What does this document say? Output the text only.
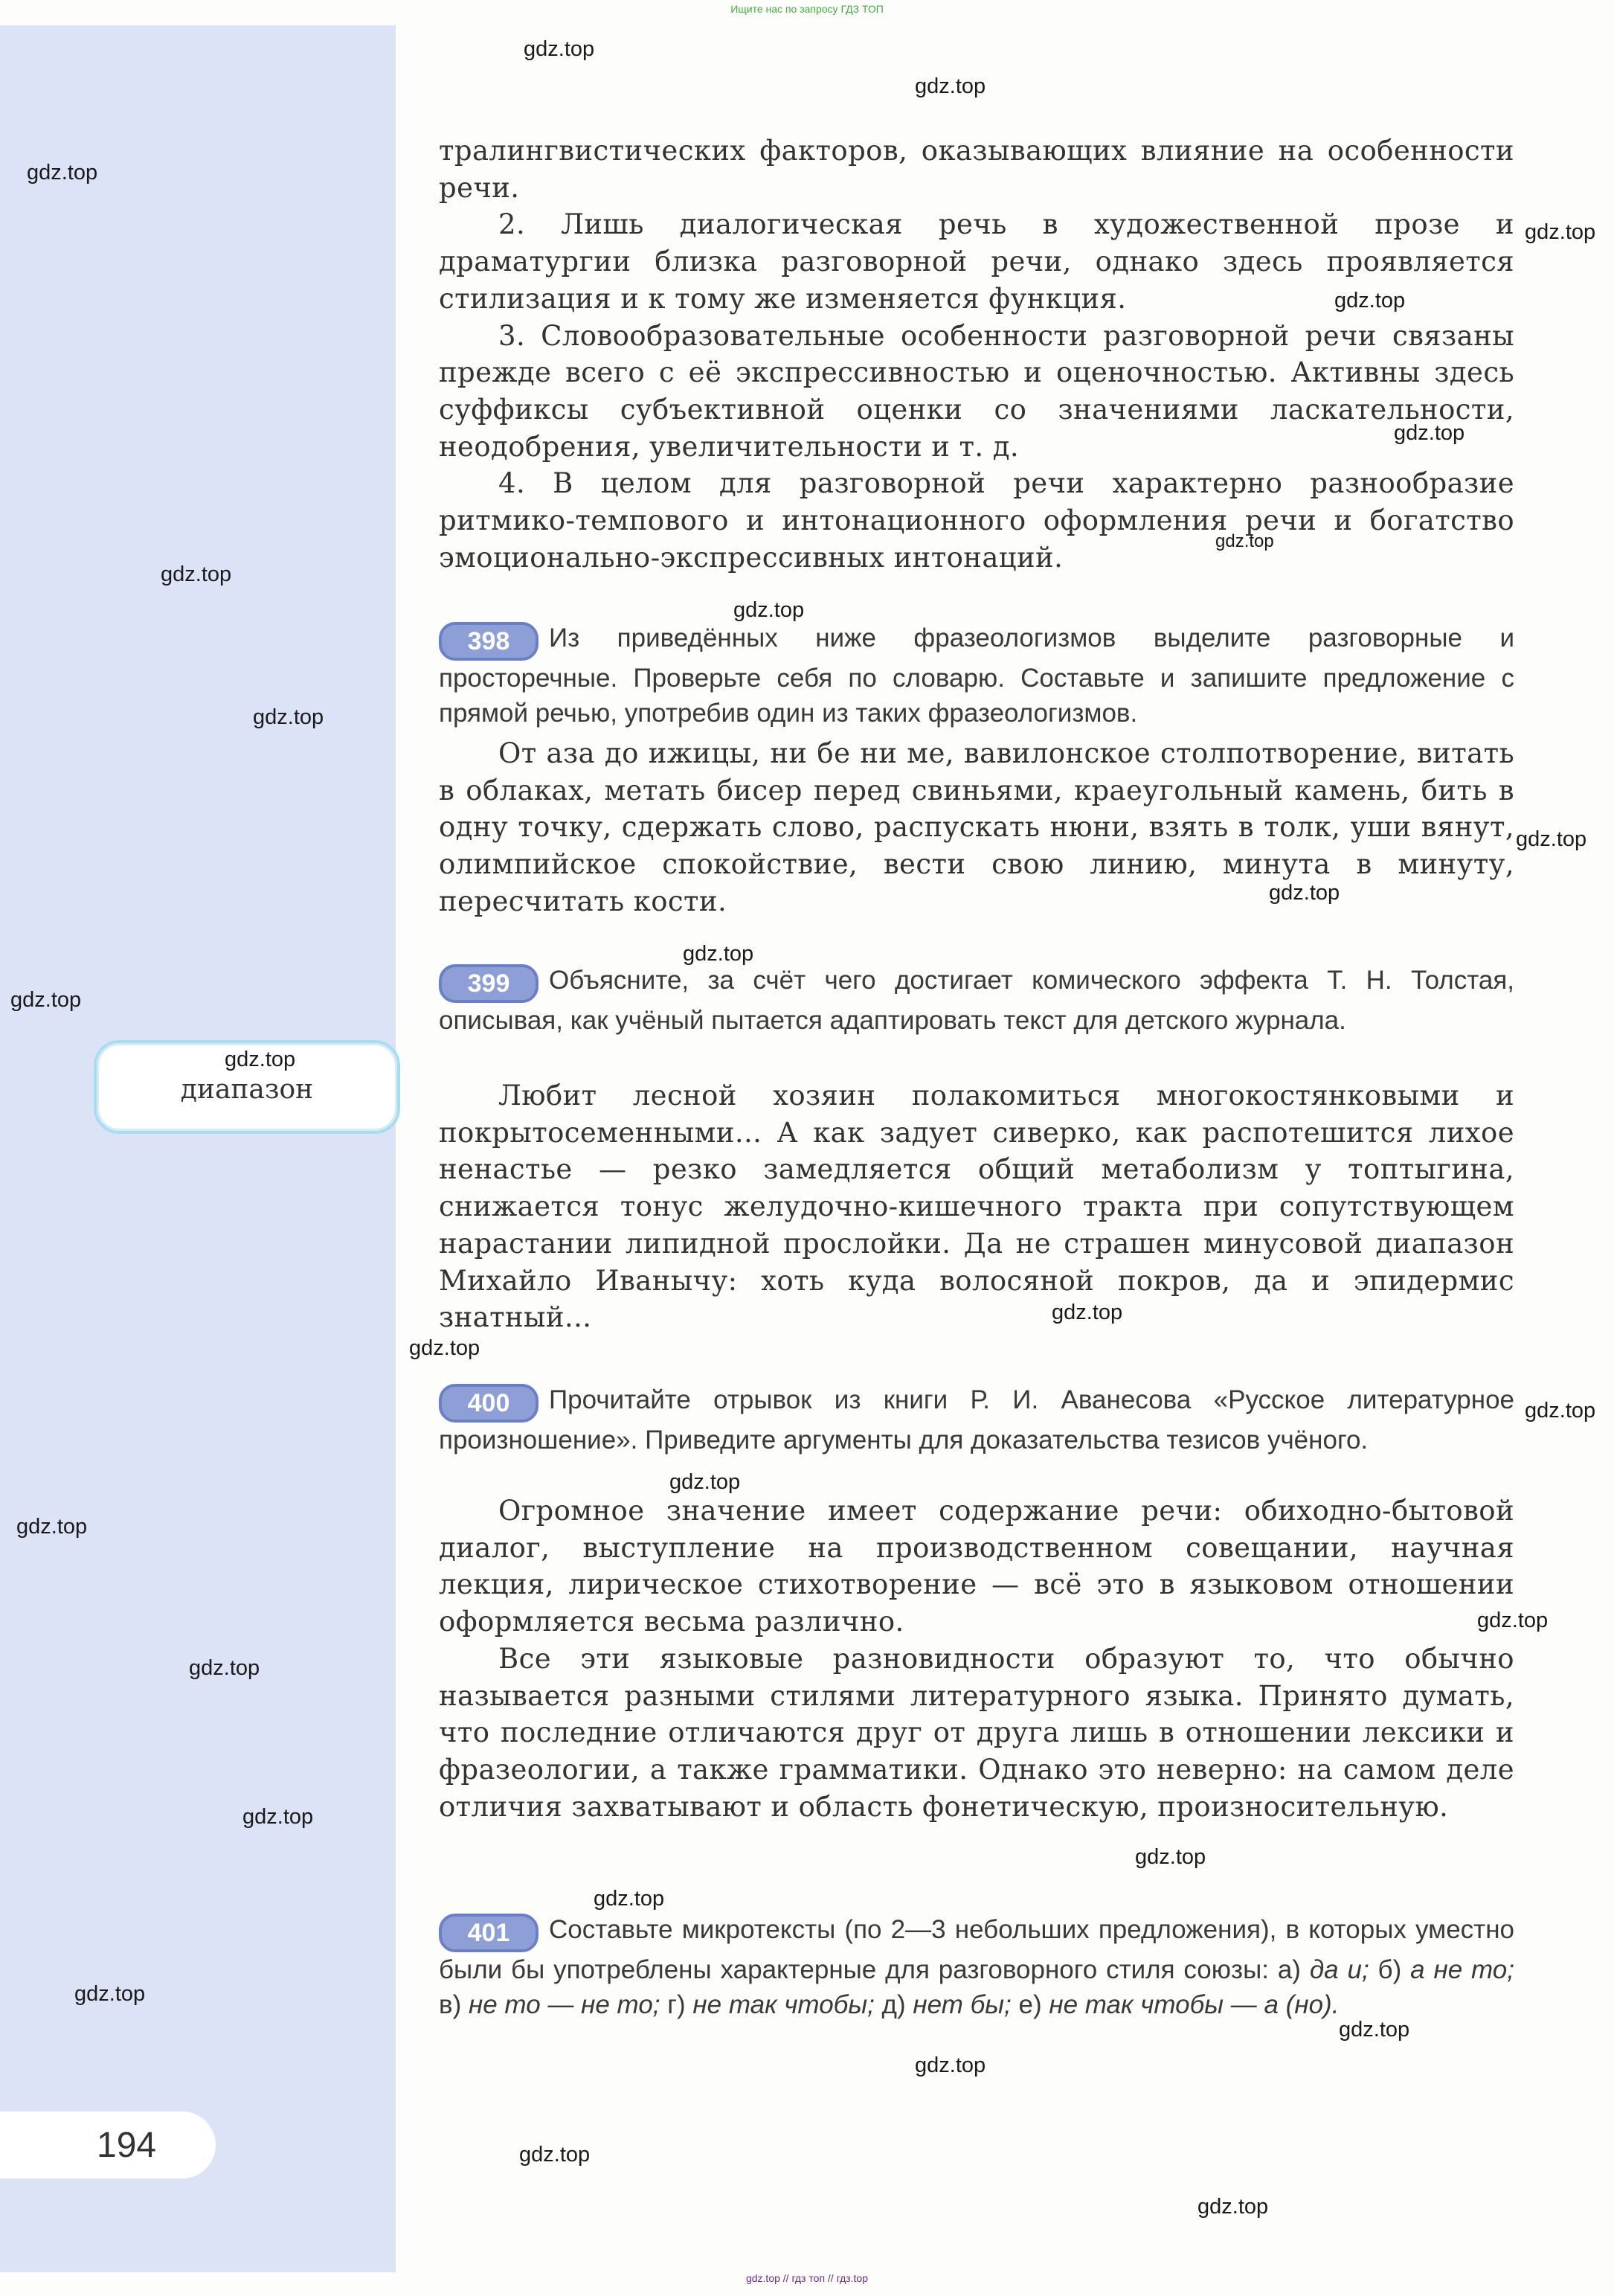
Ищите нас по запросу ГДЗ ТОП

тралингвистических факторов, оказывающих влияние на особенности речи.

2. Лишь диалогическая речь в художественной прозе и драматургии близка разговорной речи, однако здесь проявляется стилизация и к тому же изменяется функция.

3. Словообразовательные особенности разговорной речи связаны прежде всего с её экспрессивностью и оценочностью. Активны здесь суффиксы субъективной оценки со значениями ласкательности, неодобрения, увеличительности и т. д.

4. В целом для разговорной речи характерно разнообразие ритмико-темпового и интонационного оформления речи и богатство эмоционально-экспрессивных интонаций.

398 Из приведённых ниже фразеологизмов выделите разговорные и просторечные. Проверьте себя по словарю. Составьте и запишите предложение с прямой речью, употребив один из таких фразеологизмов.

От аза до ижицы, ни бе ни ме, вавилонское столпотворение, витать в облаках, метать бисер перед свиньями, краеугольный камень, бить в одну точку, сдержать слово, распускать нюни, взять в толк, уши вянут, олимпийское спокойствие, вести свою линию, минута в минуту, пересчитать кости.

399 Объясните, за счёт чего достигает комического эффекта Т. Н. Толстая, описывая, как учёный пытается адаптировать текст для детского журнала.

Любит лесной хозяин полакомиться многокостянковыми и покрытосеменными... А как задует сиверко, как распотешится лихое ненастье — резко замедляется общий метаболизм у топтыгина, снижается тонус желудочно-кишечного тракта при сопутствующем нарастании липидной прослойки. Да не страшен минусовой диапазон Михайло Иванычу: хоть куда волосяной покров, да и эпидермис знатный...

400 Прочитайте отрывок из книги Р. И. Аванесова «Русское литературное произношение». Приведите аргументы для доказательства тезисов учёного.

Огромное значение имеет содержание речи: обиходно-бытовой диалог, выступление на производственном совещании, научная лекция, лирическое стихотворение — всё это в языковом отношении оформляется весьма различно.

Все эти языковые разновидности образуют то, что обычно называется разными стилями литературного языка. Принято думать, что последние отличаются друг от друга лишь в отношении лексики и фразеологии, а также грамматики. Однако это неверно: на самом деле отличия захватывают и область фонетическую, произносительную.

401 Составьте микротексты (по 2—3 небольших предложения), в которых уместно были бы употреблены характерные для разговорного стиля союзы: а) да и; б) а не то; в) не то — не то; г) не так чтобы; д) нет бы; е) не так чтобы — а (но).

диапазон
194
gdz.top
gdz.top
gdz.top
gdz.top
gdz.top
gdz.top
gdz.top
gdz.top
gdz.top
gdz.top
gdz.top
gdz.top
gdz.top
gdz.top
gdz.top
gdz.top
gdz.top
gdz.top
gdz.top
gdz.top
gdz.top
gdz.top
gdz.top
gdz.top
gdz.top
gdz.top
gdz.top
gdz.top
gdz.top
gdz.top
gdz.top // гдз топ // гдз.top
